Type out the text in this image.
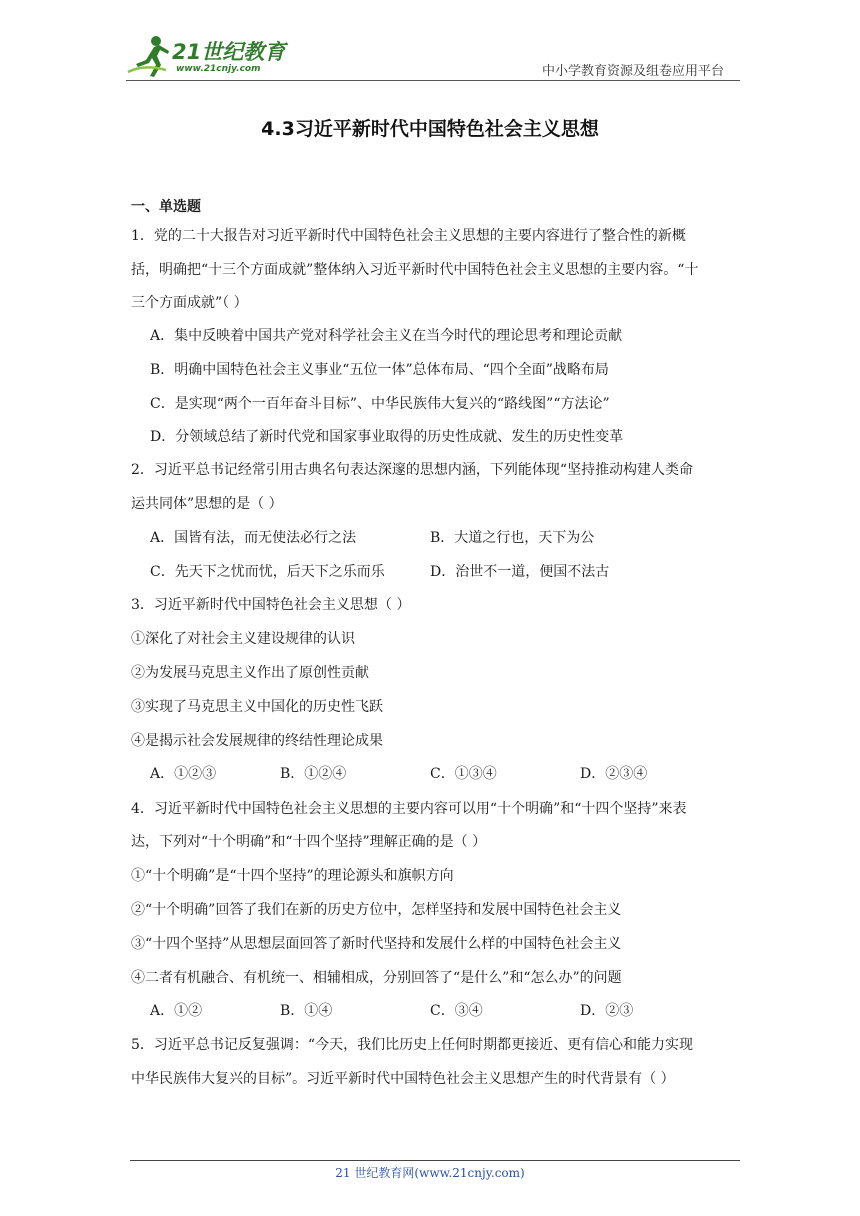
21世纪教育
www.21cnjy.com	中小学教育资源及组卷应用平台
4.3习近平新时代中国特色社会主义思想
一、单选题
1．党的二十大报告对习近平新时代中国特色社会主义思想的主要内容进行了整合性的新概
括，明确把“十三个方面成就”整体纳入习近平新时代中国特色社会主义思想的主要内容。“十
三个方面成就”（ ）
A．集中反映着中国共产党对科学社会主义在当今时代的理论思考和理论贡献
B．明确中国特色社会主义事业“五位一体”总体布局、“四个全面”战略布局
C．是实现“两个一百年奋斗目标”、中华民族伟大复兴的“路线图”“方法论”
D．分领域总结了新时代党和国家事业取得的历史性成就、发生的历史性变革
2．习近平总书记经常引用古典名句表达深邃的思想内涵，下列能体现“坚持推动构建人类命
运共同体”思想的是（ ）
A．国皆有法，而无使法必行之法	B．大道之行也，天下为公
C．先天下之忧而忧，后天下之乐而乐	D．治世不一道，便国不法古
3．习近平新时代中国特色社会主义思想（ ）
①深化了对社会主义建设规律的认识
②为发展马克思主义作出了原创性贡献
③实现了马克思主义中国化的历史性飞跃
④是揭示社会发展规律的终结性理论成果
A．①②③	B．①②④	C．①③④	D．②③④
4．习近平新时代中国特色社会主义思想的主要内容可以用“十个明确”和“十四个坚持”来表
达，下列对“十个明确”和“十四个坚持”理解正确的是（ ）
①“十个明确”是“十四个坚持”的理论源头和旗帜方向
②“十个明确”回答了我们在新的历史方位中，怎样坚持和发展中国特色社会主义
③“十四个坚持”从思想层面回答了新时代坚持和发展什么样的中国特色社会主义
④二者有机融合、有机统一、相辅相成，分别回答了“是什么”和“怎么办”的问题
A．①②	B．①④	C．③④	D．②③
5．习近平总书记反复强调：“今天，我们比历史上任何时期都更接近、更有信心和能力实现
中华民族伟大复兴的目标”。习近平新时代中国特色社会主义思想产生的时代背景有（ ）
21 世纪教育网(www.21cnjy.com)
